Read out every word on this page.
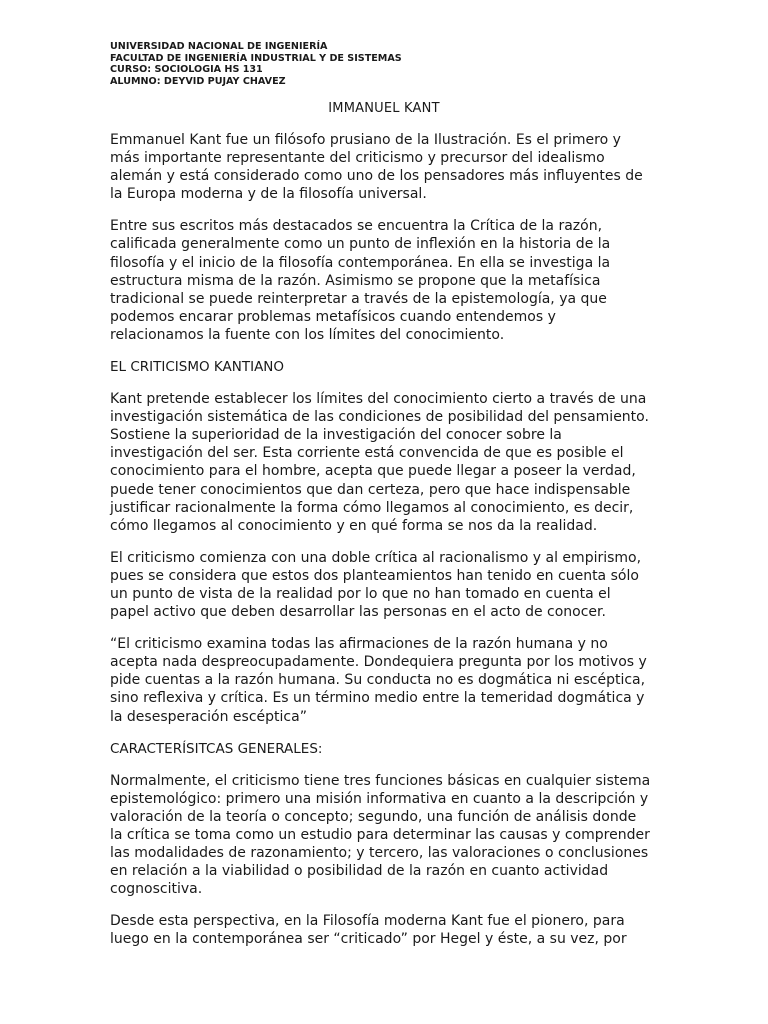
UNIVERSIDAD NACIONAL DE INGENIERÍA

FACULTAD DE INGENIERÍA INDUSTRIAL Y DE SISTEMAS

CURSO: SOCIOLOGIA HS 131

ALUMNO: DEYVID PUJAY CHAVEZ

IMMANUEL KANT

Emmanuel Kant fue un filósofo prusiano de la Ilustración. Es el primero y
más importante representante del criticismo y precursor del idealismo
alemán y está considerado como uno de los pensadores más influyentes de
la Europa moderna y de la filosofía universal.

Entre sus escritos más destacados se encuentra la Crítica de la razón,
calificada generalmente como un punto de inflexión en la historia de la
filosofía y el inicio de la filosofía contemporánea. En ella se investiga la
estructura misma de la razón. Asimismo se propone que la metafísica
tradicional se puede reinterpretar a través de la epistemología, ya que
podemos encarar problemas metafísicos cuando entendemos y
relacionamos la fuente con los límites del conocimiento.

EL CRITICISMO KANTIANO

Kant pretende establecer los límites del conocimiento cierto a través de una
investigación sistemática de las condiciones de posibilidad del pensamiento.
Sostiene la superioridad de la investigación del conocer sobre la
investigación del ser. Esta corriente está convencida de que es posible el
conocimiento para el hombre, acepta que puede llegar a poseer la verdad,
puede tener conocimientos que dan certeza, pero que hace indispensable
justificar racionalmente la forma cómo llegamos al conocimiento, es decir,
cómo llegamos al conocimiento y en qué forma se nos da la realidad.

El criticismo comienza con una doble crítica al racionalismo y al empirismo,
pues se considera que estos dos planteamientos han tenido en cuenta sólo
un punto de vista de la realidad por lo que no han tomado en cuenta el
papel activo que deben desarrollar las personas en el acto de conocer.

“El criticismo examina todas las afirmaciones de la razón humana y no
acepta nada despreocupadamente. Dondequiera pregunta por los motivos y
pide cuentas a la razón humana. Su conducta no es dogmática ni escéptica,
sino reflexiva y crítica. Es un término medio entre la temeridad dogmática y
la desesperación escéptica”

CARACTERÍSITCAS GENERALES:

Normalmente, el criticismo tiene tres funciones básicas en cualquier sistema
epistemológico: primero una misión informativa en cuanto a la descripción y
valoración de la teoría o concepto; segundo, una función de análisis donde
la crítica se toma como un estudio para determinar las causas y comprender
las modalidades de razonamiento; y tercero, las valoraciones o conclusiones
en relación a la viabilidad o posibilidad de la razón en cuanto actividad
cognoscitiva.

Desde esta perspectiva, en la Filosofía moderna Kant fue el pionero, para
luego en la contemporánea ser “criticado” por Hegel y éste, a su vez, por
